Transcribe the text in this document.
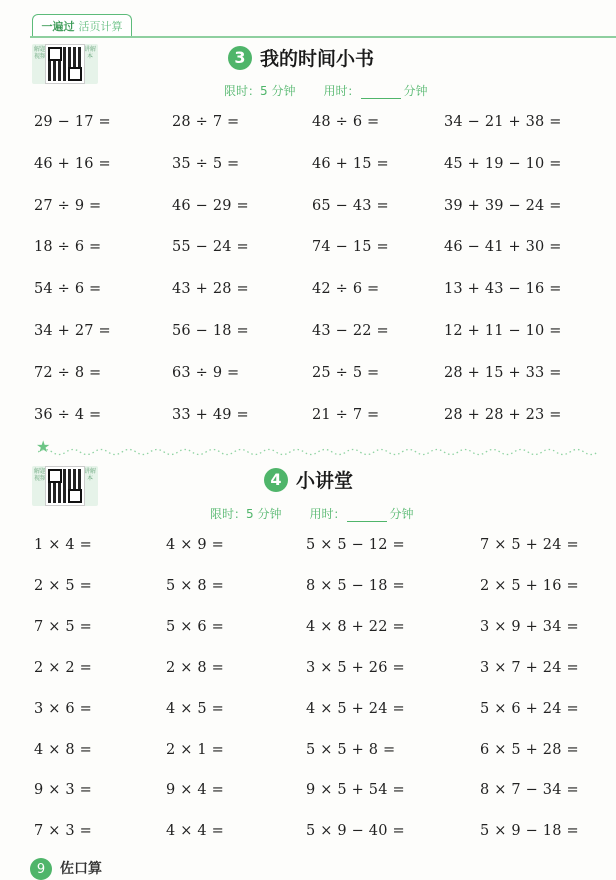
一遍过 活页计算
解题视频
讲解本	3 我的时间小书
限时：5 分钟 用时：	分钟
29 − 17 =	28 ÷ 7 =	48 ÷ 6 =	34 − 21 + 38 =
46 + 16 =	35 ÷ 5 =	46 + 15 =	45 + 19 − 10 =
27 ÷ 9 =	46 − 29 =	65 − 43 =	39 + 39 − 24 =
18 ÷ 6 =	55 − 24 =	74 − 15 =	46 − 41 + 30 =
54 ÷ 6 =	43 + 28 =	42 ÷ 6 =	13 + 43 − 16 =
34 + 27 =	56 − 18 =	43 − 22 =	12 + 11 − 10 =
72 ÷ 8 =	63 ÷ 9 =	25 ÷ 5 =	28 + 15 + 33 =
36 ÷ 4 =	33 + 49 =	21 ÷ 7 =	28 + 28 + 23 =
★
解题视频
讲解本	4 小讲堂
限时：5 分钟 用时：	分钟
1 × 4 =	4 × 9 =	5 × 5 − 12 =	7 × 5 + 24 =
2 × 5 =	5 × 8 =	8 × 5 − 18 =	2 × 5 + 16 =
7 × 5 =	5 × 6 =	4 × 8 + 22 =	3 × 9 + 34 =
2 × 2 =	2 × 8 =	3 × 5 + 26 =	3 × 7 + 24 =
3 × 6 =	4 × 5 =	4 × 5 + 24 =	5 × 6 + 24 =
4 × 8 =	2 × 1 =	5 × 5 + 8 =	6 × 5 + 28 =
9 × 3 =	9 × 4 =	9 × 5 + 54 =	8 × 7 − 34 =
7 × 3 =	4 × 4 =	5 × 9 − 40 =	5 × 9 − 18 =
9	佐口算
